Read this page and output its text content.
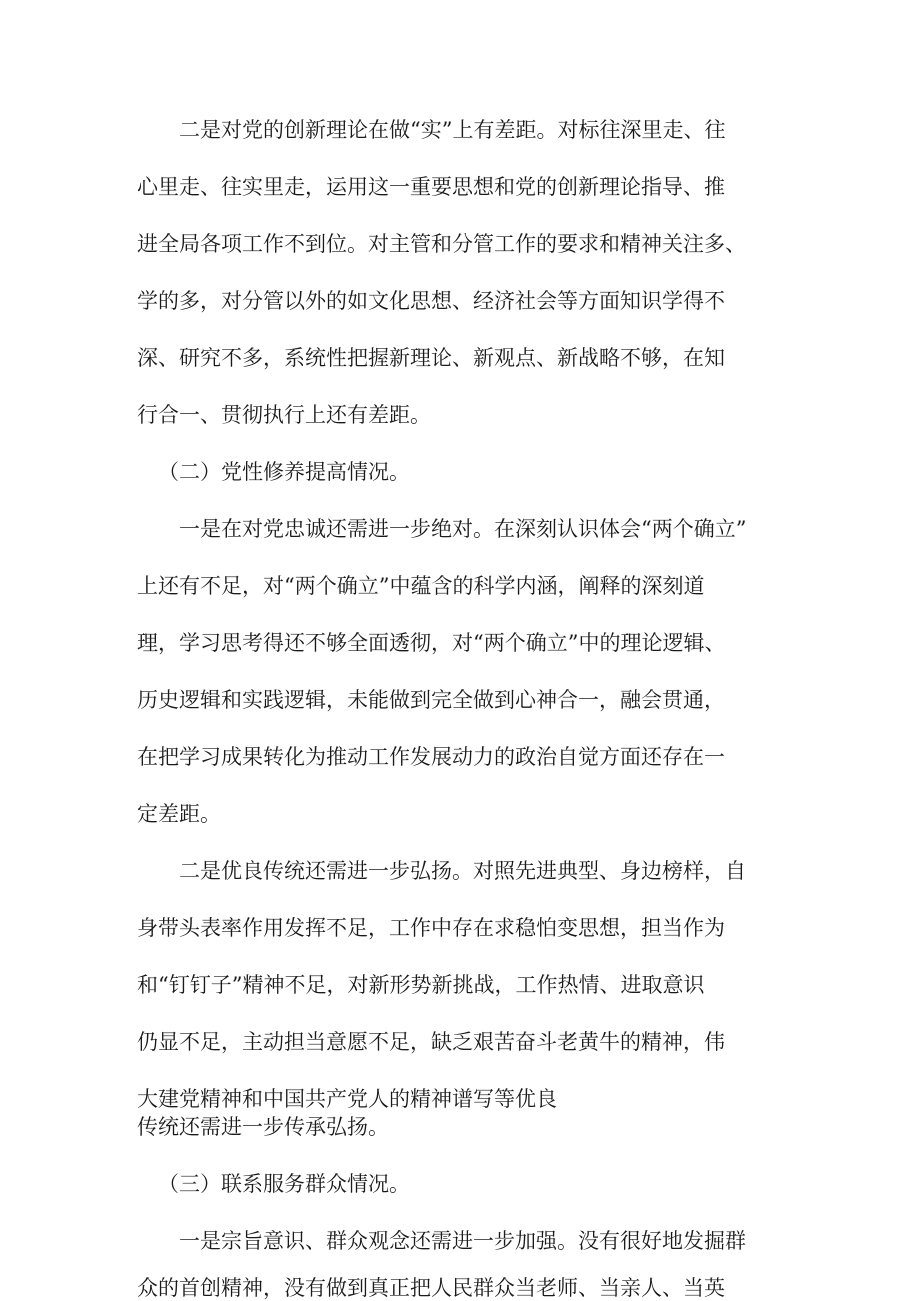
二是对党的创新理论在做“实”上有差距。对标往深里走、往

心里走、往实里走，运用这一重要思想和党的创新理论指导、推

进全局各项工作不到位。对主管和分管工作的要求和精神关注多、

学的多，对分管以外的如文化思想、经济社会等方面知识学得不

深、研究不多，系统性把握新理论、新观点、新战略不够，在知

行合一、贯彻执行上还有差距。

（二）党性修养提高情况。

一是在对党忠诚还需进一步绝对。在深刻认识体会“两个确立”

上还有不足，对“两个确立”中蕴含的科学内涵，阐释的深刻道

理，学习思考得还不够全面透彻，对“两个确立”中的理论逻辑、

历史逻辑和实践逻辑，未能做到完全做到心神合一，融会贯通，

在把学习成果转化为推动工作发展动力的政治自觉方面还存在一

定差距。

二是优良传统还需进一步弘扬。对照先进典型、身边榜样，自

身带头表率作用发挥不足，工作中存在求稳怕变思想，担当作为

和“钉钉子”精神不足，对新形势新挑战，工作热情、进取意识

仍显不足，主动担当意愿不足，缺乏艰苦奋斗老黄牛的精神，伟

大建党精神和中国共产党人的精神谱写等优良

传统还需进一步传承弘扬。

（三）联系服务群众情况。

一是宗旨意识、群众观念还需进一步加强。没有很好地发掘群

众的首创精神，没有做到真正把人民群众当老师、当亲人、当英
